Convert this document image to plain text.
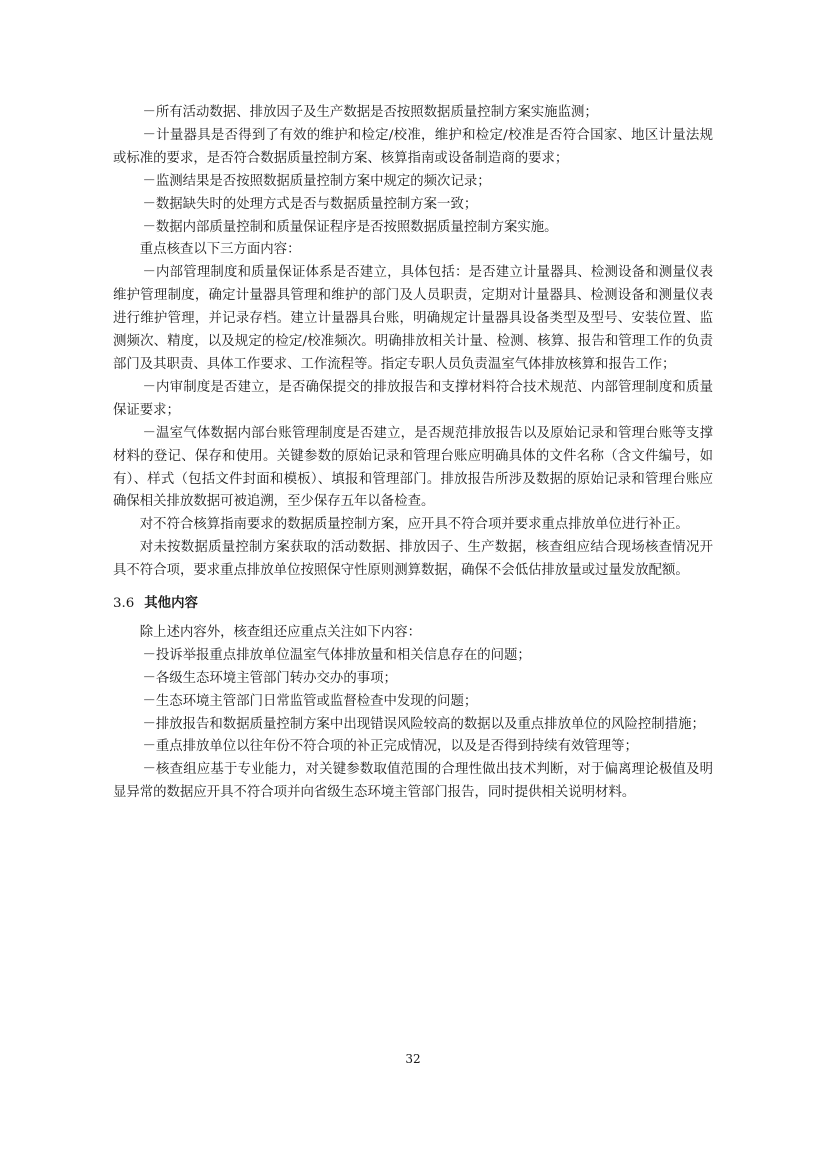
－所有活动数据、排放因子及生产数据是否按照数据质量控制方案实施监测；

－计量器具是否得到了有效的维护和检定/校准，维护和检定/校准是否符合国家、地区计量法规或标准的要求，是否符合数据质量控制方案、核算指南或设备制造商的要求；

－监测结果是否按照数据质量控制方案中规定的频次记录；

－数据缺失时的处理方式是否与数据质量控制方案一致；

－数据内部质量控制和质量保证程序是否按照数据质量控制方案实施。

重点核查以下三方面内容：

－内部管理制度和质量保证体系是否建立，具体包括：是否建立计量器具、检测设备和测量仪表维护管理制度，确定计量器具管理和维护的部门及人员职责，定期对计量器具、检测设备和测量仪表进行维护管理，并记录存档。建立计量器具台账，明确规定计量器具设备类型及型号、安装位置、监测频次、精度，以及规定的检定/校准频次。明确排放相关计量、检测、核算、报告和管理工作的负责部门及其职责、具体工作要求、工作流程等。指定专职人员负责温室气体排放核算和报告工作；

－内审制度是否建立，是否确保提交的排放报告和支撑材料符合技术规范、内部管理制度和质量保证要求；

－温室气体数据内部台账管理制度是否建立，是否规范排放报告以及原始记录和管理台账等支撑材料的登记、保存和使用。关键参数的原始记录和管理台账应明确具体的文件名称（含文件编号，如有）、样式（包括文件封面和模板）、填报和管理部门。排放报告所涉及数据的原始记录和管理台账应确保相关排放数据可被追溯，至少保存五年以备检查。

对不符合核算指南要求的数据质量控制方案，应开具不符合项并要求重点排放单位进行补正。

对未按数据质量控制方案获取的活动数据、排放因子、生产数据，核查组应结合现场核查情况开具不符合项，要求重点排放单位按照保守性原则测算数据，确保不会低估排放量或过量发放配额。

3.6 其他内容

除上述内容外，核查组还应重点关注如下内容：

－投诉举报重点排放单位温室气体排放量和相关信息存在的问题；

－各级生态环境主管部门转办交办的事项；

－生态环境主管部门日常监管或监督检查中发现的问题；

－排放报告和数据质量控制方案中出现错误风险较高的数据以及重点排放单位的风险控制措施；

－重点排放单位以往年份不符合项的补正完成情况，以及是否得到持续有效管理等；

－核查组应基于专业能力，对关键参数取值范围的合理性做出技术判断，对于偏离理论极值及明显异常的数据应开具不符合项并向省级生态环境主管部门报告，同时提供相关说明材料。

32
